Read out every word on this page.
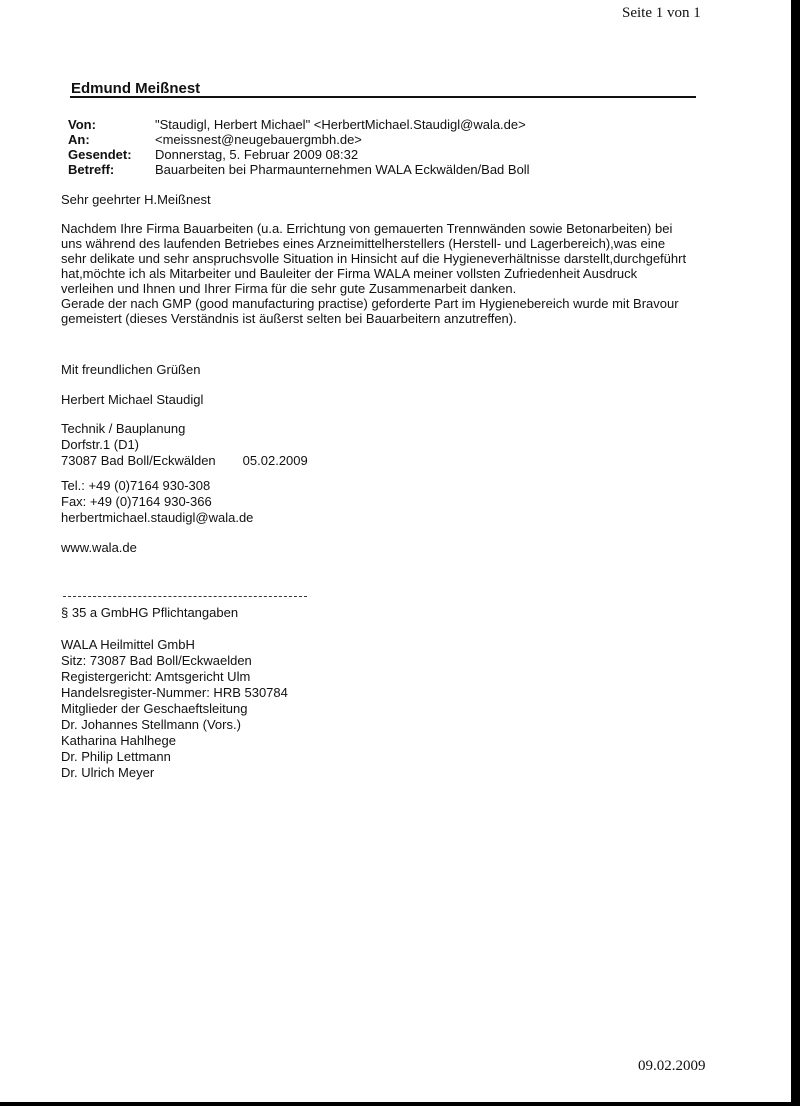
Seite 1 von 1
Edmund Meißnest
Von:	"Staudigl, Herbert Michael" <HerbertMichael.Staudigl@wala.de>
An:	<meissnest@neugebauergmbh.de>
Gesendet:	Donnerstag, 5. Februar 2009 08:32
Betreff:	Bauarbeiten bei Pharmaunternehmen WALA Eckwälden/Bad Boll
Sehr geehrter H.Meißnest
Nachdem Ihre Firma Bauarbeiten (u.a. Errichtung von gemauerten Trennwänden sowie Betonarbeiten) bei
uns während des laufenden Betriebes eines Arzneimittelherstellers (Herstell- und Lagerbereich),was eine
sehr delikate und sehr anspruchsvolle Situation in Hinsicht auf die Hygieneverhältnisse darstellt,durchgeführt
hat,möchte ich als Mitarbeiter und Bauleiter der Firma WALA meiner vollsten Zufriedenheit Ausdruck
verleihen und Ihnen und Ihrer Firma für die sehr gute Zusammenarbeit danken.
Gerade der nach GMP (good manufacturing practise) geforderte Part im Hygienebereich wurde mit Bravour
gemeistert (dieses Verständnis ist äußerst selten bei Bauarbeitern anzutreffen).
Mit freundlichen Grüßen
Herbert Michael Staudigl
Technik / Bauplanung
Dorfstr.1 (D1)
73087 Bad Boll/Eckwälden 05.02.2009
Tel.: +49 (0)7164 930-308
Fax: +49 (0)7164 930-366
herbertmichael.staudigl@wala.de
www.wala.de
§ 35 a GmbHG Pflichtangaben
WALA Heilmittel GmbH
Sitz: 73087 Bad Boll/Eckwaelden
Registergericht: Amtsgericht Ulm
Handelsregister-Nummer: HRB 530784
Mitglieder der Geschaeftsleitung
Dr. Johannes Stellmann (Vors.)
Katharina Hahlhege
Dr. Philip Lettmann
Dr. Ulrich Meyer
09.02.2009
